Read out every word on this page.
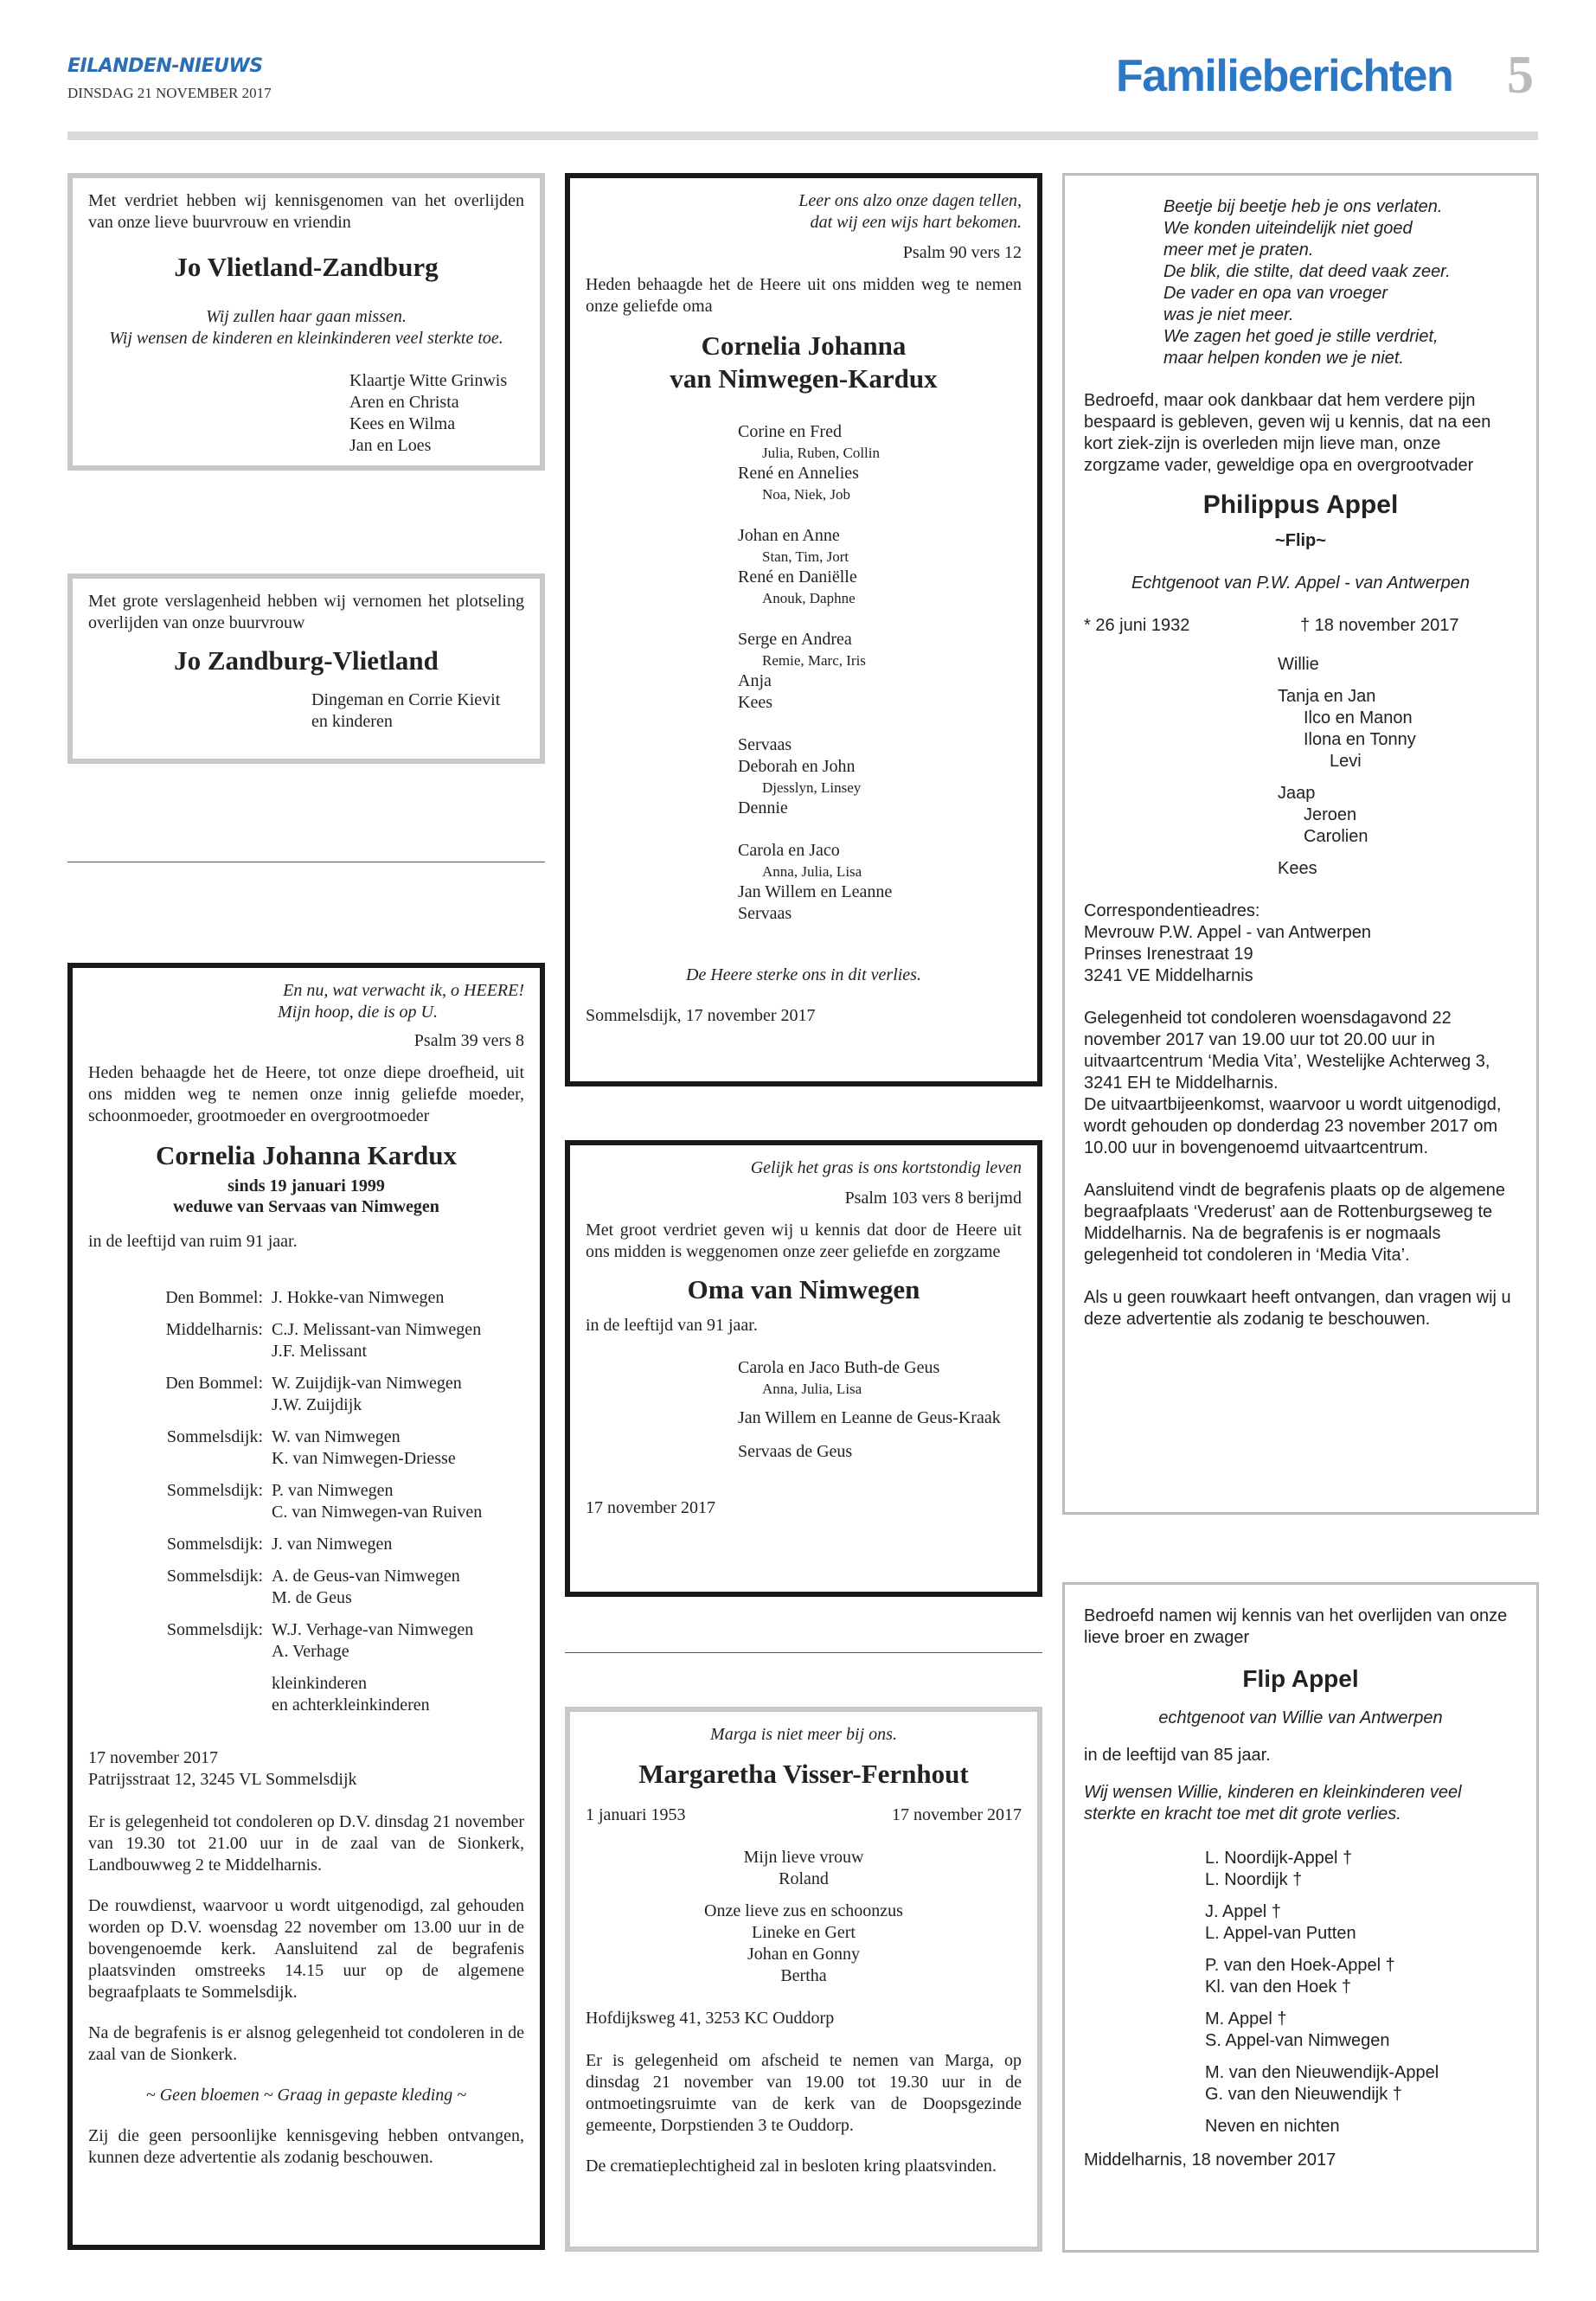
EILANDEN-NIEUWS
DINSDAG 21 NOVEMBER 2017	Familieberichten 5

Met verdriet hebben wij kennisgenomen van het overlijden van onze lieve buurvrouw en vriendin

Jo Vlietland-Zandburg

Wij zullen haar gaan missen.

Wij wensen de kinderen en kleinkinderen veel sterkte toe.

Klaartje Witte Grinwis

Aren en Christa

Kees en Wilma

Jan en Loes

Met grote verslagenheid hebben wij vernomen het plotseling overlijden van onze buurvrouw

Jo Zandburg-Vlietland

Dingeman en Corrie Kievit

en kinderen

En nu, wat verwacht ik, o HEERE!

Mijn hoop, die is op U.

Psalm 39 vers 8

Heden behaagde het de Heere, tot onze diepe droefheid, uit ons midden weg te nemen onze innig geliefde moeder, schoonmoeder, grootmoeder en overgrootmoeder

Cornelia Johanna Kardux

sinds 19 januari 1999

weduwe van Servaas van Nimwegen

in de leeftijd van ruim 91 jaar.

Den Bommel: J. Hokke-van Nimwegen
Middelharnis: C.J. Melissant-van Nimwegen
J.F. Melissant
Den Bommel: W. Zuijdijk-van Nimwegen
J.W. Zuijdijk
Sommelsdijk: W. van Nimwegen
K. van Nimwegen-Driesse
Sommelsdijk: P. van Nimwegen
C. van Nimwegen-van Ruiven
Sommelsdijk: J. van Nimwegen
Sommelsdijk: A. de Geus-van Nimwegen
M. de Geus
Sommelsdijk: W.J. Verhage-van Nimwegen
A. Verhage
kleinkinderen
en achterkleinkinderen

17 november 2017

Patrijsstraat 12, 3245 VL Sommelsdijk

Er is gelegenheid tot condoleren op D.V. dinsdag 21 november van 19.30 tot 21.00 uur in de zaal van de Sionkerk, Landbouwweg 2 te Middelharnis.

De rouwdienst, waarvoor u wordt uitgenodigd, zal gehouden worden op D.V. woensdag 22 november om 13.00 uur in de bovengenoemde kerk. Aansluitend zal de begrafenis plaatsvinden omstreeks 14.15 uur op de algemene begraafplaats te Sommelsdijk.

Na de begrafenis is er alsnog gelegenheid tot condoleren in de zaal van de Sionkerk.

~ Geen bloemen ~ Graag in gepaste kleding ~

Zij die geen persoonlijke kennisgeving hebben ontvangen, kunnen deze advertentie als zodanig beschouwen.

Leer ons alzo onze dagen tellen,

dat wij een wijs hart bekomen.

Psalm 90 vers 12

Heden behaagde het de Heere uit ons midden weg te nemen onze geliefde oma

Cornelia Johanna
van Nimwegen-Kardux

Corine en Fred

Julia, Ruben, Collin

René en Annelies

Noa, Niek, Job

Johan en Anne

Stan, Tim, Jort

René en Daniëlle

Anouk, Daphne

Serge en Andrea

Remie, Marc, Iris

Anja

Kees

Servaas

Deborah en John

Djesslyn, Linsey

Dennie

Carola en Jaco

Anna, Julia, Lisa

Jan Willem en Leanne

Servaas

De Heere sterke ons in dit verlies.

Sommelsdijk, 17 november 2017

Gelijk het gras is ons kortstondig leven

Psalm 103 vers 8 berijmd

Met groot verdriet geven wij u kennis dat door de Heere uit ons midden is weggenomen onze zeer geliefde en zorgzame

Oma van Nimwegen

in de leeftijd van 91 jaar.

Carola en Jaco Buth-de Geus

Anna, Julia, Lisa

Jan Willem en Leanne de Geus-Kraak

Servaas de Geus

17 november 2017

Marga is niet meer bij ons.

Margaretha Visser-Fernhout
1 januari 1953	17 november 2017

Mijn lieve vrouw

Roland

Onze lieve zus en schoonzus

Lineke en Gert

Johan en Gonny

Bertha

Hofdijksweg 41, 3253 KC Ouddorp

Er is gelegenheid om afscheid te nemen van Marga, op dinsdag 21 november van 19.00 tot 19.30 uur in de ontmoetingsruimte van de kerk van de Doopsgezinde gemeente, Dorpstienden 3 te Ouddorp.

De crematieplechtigheid zal in besloten kring plaatsvinden.

Beetje bij beetje heb je ons verlaten.

We konden uiteindelijk niet goed

meer met je praten.

De blik, die stilte, dat deed vaak zeer.

De vader en opa van vroeger

was je niet meer.

We zagen het goed je stille verdriet,

maar helpen konden we je niet.

Bedroefd, maar ook dankbaar dat hem verdere pijn bespaard is gebleven, geven wij u kennis, dat na een kort ziek-zijn is overleden mijn lieve man, onze zorgzame vader, geweldige opa en overgrootvader

Philippus Appel

~Flip~

Echtgenoot van P.W. Appel - van Antwerpen

* 26 juni 1932	† 18 november 2017

Willie

Tanja en Jan

Ilco en Manon

Ilona en Tonny

Levi

Jaap

Jeroen

Carolien

Kees

Correspondentieadres:

Mevrouw P.W. Appel - van Antwerpen

Prinses Irenestraat 19

3241 VE Middelharnis

Gelegenheid tot condoleren woensdagavond 22 november 2017 van 19.00 uur tot 20.00 uur in uitvaartcentrum ‘Media Vita’, Westelijke Achterweg 3, 3241 EH te Middelharnis.

De uitvaartbijeenkomst, waarvoor u wordt uitgenodigd, wordt gehouden op donderdag 23 november 2017 om 10.00 uur in bovengenoemd uitvaartcentrum.

Aansluitend vindt de begrafenis plaats op de algemene begraafplaats ‘Vrederust’ aan de Rottenburgseweg te Middelharnis. Na de begrafenis is er nogmaals gelegenheid tot condoleren in ‘Media Vita’.

Als u geen rouwkaart heeft ontvangen, dan vragen wij u deze advertentie als zodanig te beschouwen.

Bedroefd namen wij kennis van het overlijden van onze lieve broer en zwager

Flip Appel

echtgenoot van Willie van Antwerpen

in de leeftijd van 85 jaar.

Wij wensen Willie, kinderen en kleinkinderen veel sterkte en kracht toe met dit grote verlies.

L. Noordijk-Appel †

L. Noordijk †

J. Appel †

L. Appel-van Putten

P. van den Hoek-Appel †

Kl. van den Hoek †

M. Appel †

S. Appel-van Nimwegen

M. van den Nieuwendijk-Appel

G. van den Nieuwendijk †

Neven en nichten

Middelharnis, 18 november 2017
